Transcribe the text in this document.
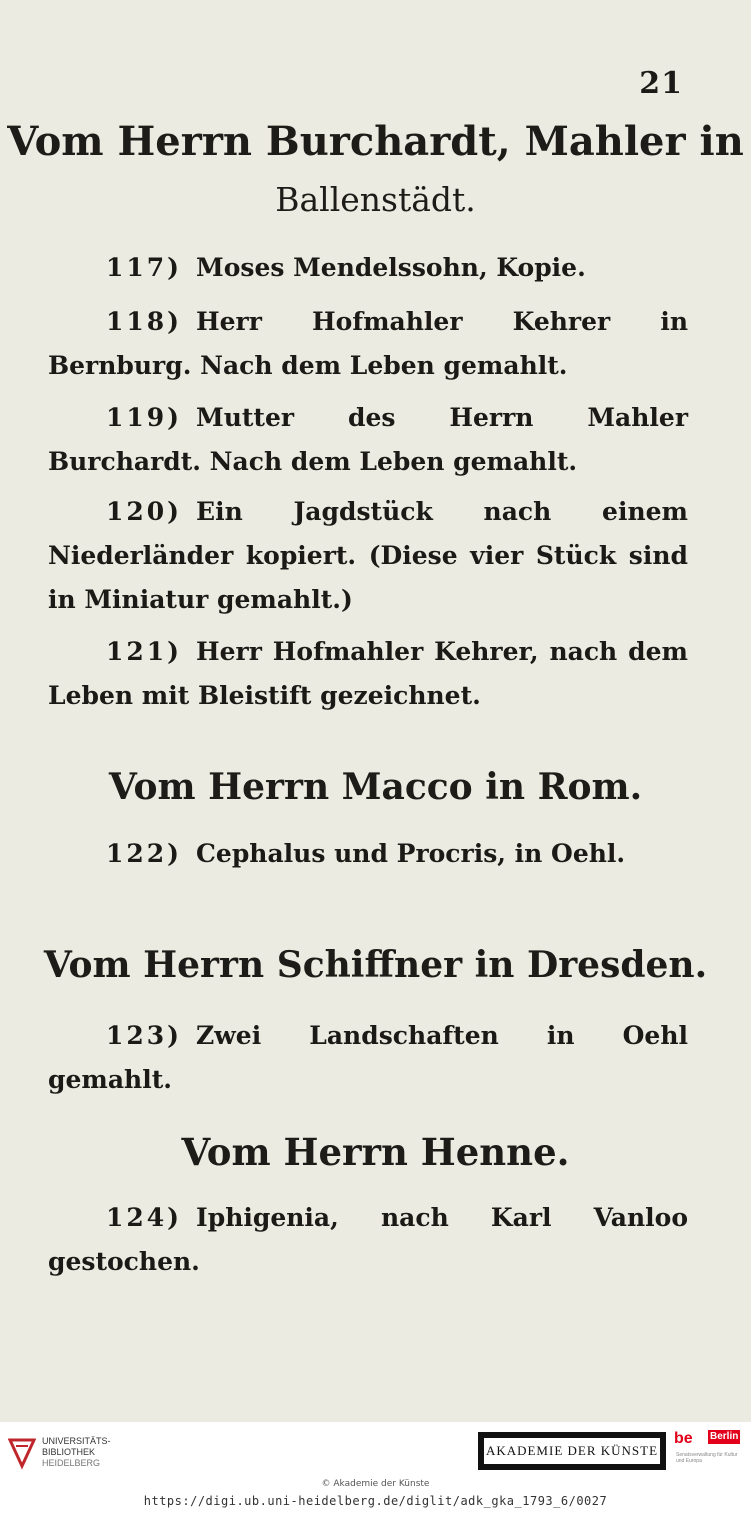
21
Vom Herrn Burchardt, Mahler in
Ballenstädt.
117) Moses Mendelssohn, Kopie.
118) Herr Hofmahler Kehrer in Bernburg. Nach dem Leben gemahlt.
119) Mutter des Herrn Mahler Burchardt. Nach dem Leben gemahlt.
120) Ein Jagdstück nach einem Niederländer kopiert. (Diese vier Stück sind in Miniatur gemahlt.)
121) Herr Hofmahler Kehrer, nach dem Leben mit Bleistift gezeichnet.
Vom Herrn Macco in Rom.
122) Cephalus und Procris, in Oehl.
Vom Herrn Schiffner in Dresden.
123) Zwei Landschaften in Oehl gemahlt.
Vom Herrn Henne.
124) Iphigenia, nach Karl Vanloo gestochen.
UNIVERSITÄTS-
BIBLIOTHEK
HEIDELBERG
AKADEMIE DER KÜNSTE
be Berlin
Senatsverwaltung für Kultur und Europa
© Akademie der Künste
https://digi.ub.uni-heidelberg.de/diglit/adk_gka_1793_6/0027
